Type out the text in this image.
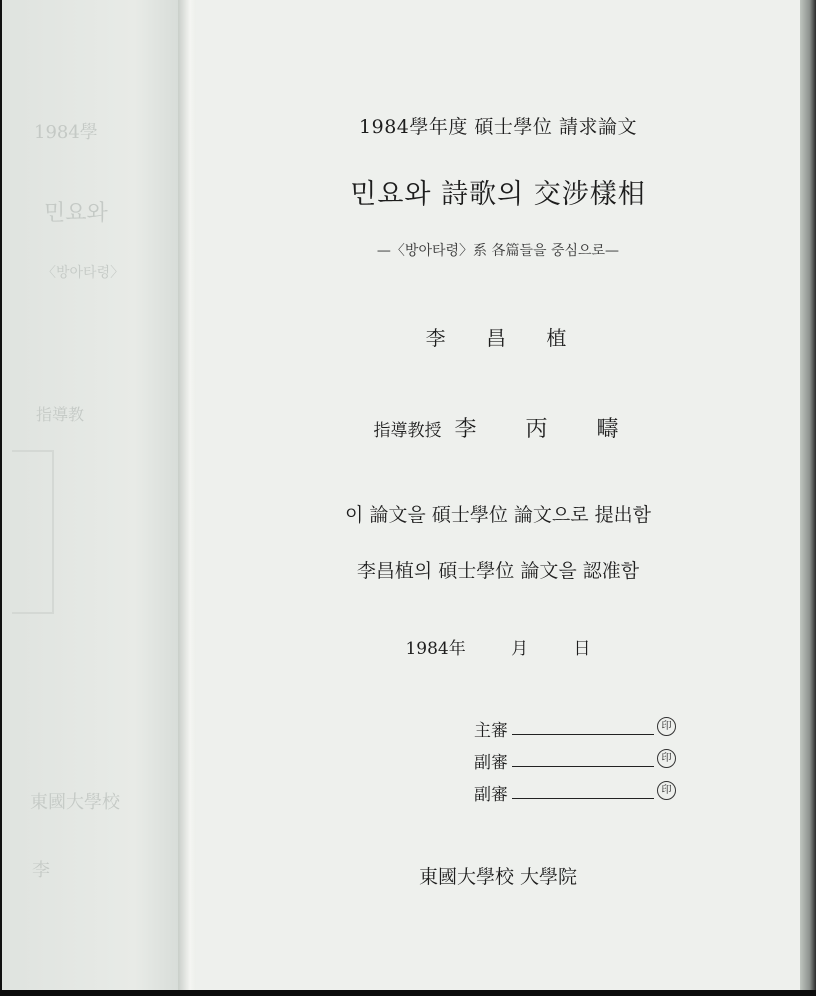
1984學
민요와
〈방아타령〉
指導教
東國大學校
李
1984學年度 碩士學位 請求論文
민요와 詩歌의 交涉樣相
—〈방아타령〉系 各篇들을 중심으로—
李 昌 植
指導教授 李 丙 疇
이 論文을 碩士學位 論文으로 提出함
李昌植의 碩士學位 論文을 認准함
1984年 月 日
東國大學校 大學院
主審	印
副審	印
副審	印
